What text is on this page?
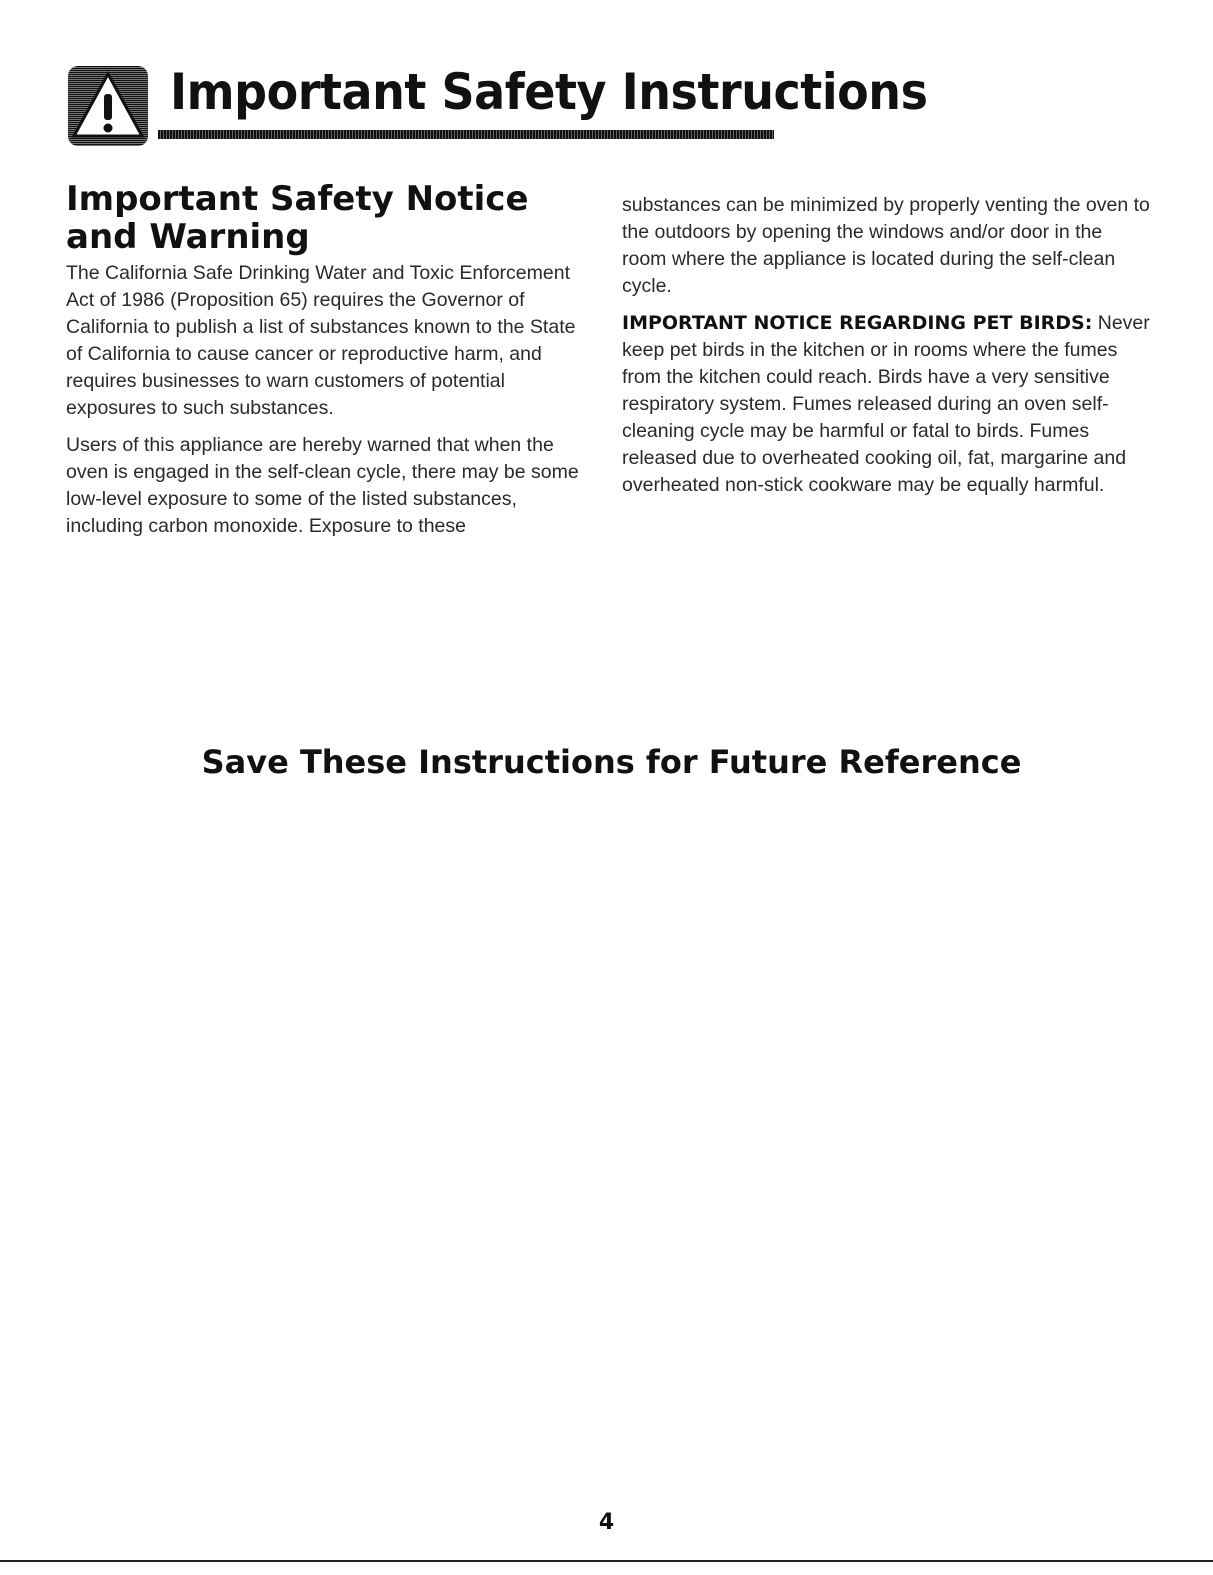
Important Safety Instructions
Important Safety Notice and Warning

The California Safe Drinking Water and Toxic Enforcement Act of 1986 (Proposition 65) requires the Governor of California to publish a list of substances known to the State of California to cause cancer or reproductive harm, and requires businesses to warn customers of potential exposures to such substances.

Users of this appliance are hereby warned that when the oven is engaged in the self-clean cycle, there may be some low-level exposure to some of the listed substances, including carbon monoxide. Exposure to these

substances can be minimized by properly venting the oven to the outdoors by opening the windows and/or door in the room where the appliance is located during the self-clean cycle.

IMPORTANT NOTICE REGARDING PET BIRDS: Never keep pet birds in the kitchen or in rooms where the fumes from the kitchen could reach. Birds have a very sensitive respiratory system. Fumes released during an oven self-cleaning cycle may be harmful or fatal to birds. Fumes released due to overheated cooking oil, fat, margarine and overheated non-stick cookware may be equally harmful.

Save These Instructions for Future Reference
4
